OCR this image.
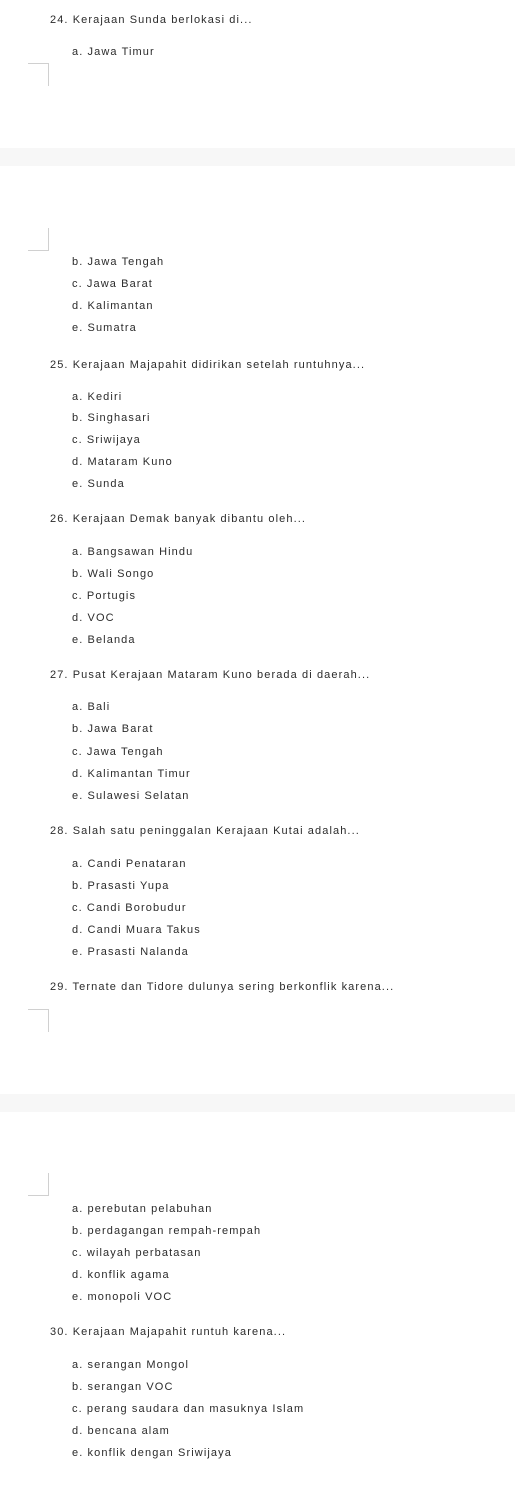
24. Kerajaan Sunda berlokasi di...
a. Jawa Timur
b. Jawa Tengah
c. Jawa Barat
d. Kalimantan
e. Sumatra
25. Kerajaan Majapahit didirikan setelah runtuhnya...
a. Kediri
b. Singhasari
c. Sriwijaya
d. Mataram Kuno
e. Sunda
26. Kerajaan Demak banyak dibantu oleh...
a. Bangsawan Hindu
b. Wali Songo
c. Portugis
d. VOC
e. Belanda
27. Pusat Kerajaan Mataram Kuno berada di daerah...
a. Bali
b. Jawa Barat
c. Jawa Tengah
d. Kalimantan Timur
e. Sulawesi Selatan
28. Salah satu peninggalan Kerajaan Kutai adalah...
a. Candi Penataran
b. Prasasti Yupa
c. Candi Borobudur
d. Candi Muara Takus
e. Prasasti Nalanda
29. Ternate dan Tidore dulunya sering berkonflik karena...
a. perebutan pelabuhan
b. perdagangan rempah-rempah
c. wilayah perbatasan
d. konflik agama
e. monopoli VOC
30. Kerajaan Majapahit runtuh karena...
a. serangan Mongol
b. serangan VOC
c. perang saudara dan masuknya Islam
d. bencana alam
e. konflik dengan Sriwijaya
